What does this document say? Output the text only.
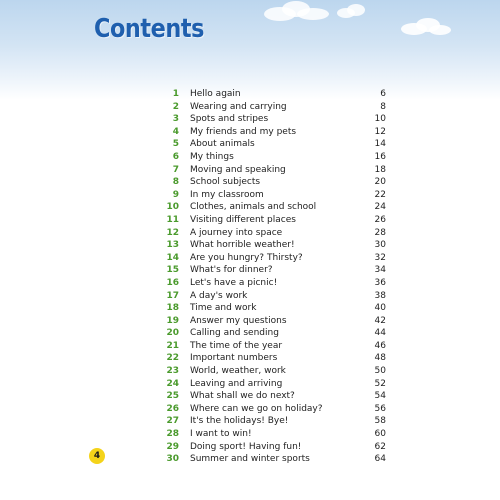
Contents
1 Hello again	6
2 Wearing and carrying	8
3 Spots and stripes	10
4 My friends and my pets	12
5 About animals	14
6 My things	16
7 Moving and speaking	18
8 School subjects	20
9 In my classroom	22
10 Clothes, animals and school	24
11 Visiting different places	26
12 A journey into space	28
13 What horrible weather!	30
14 Are you hungry? Thirsty?	32
15 What's for dinner?	34
16 Let's have a picnic!	36
17 A day's work	38
18 Time and work	40
19 Answer my questions	42
20 Calling and sending	44
21 The time of the year	46
22 Important numbers	48
23 World, weather, work	50
24 Leaving and arriving	52
25 What shall we do next?	54
26 Where can we go on holiday?	56
27 It's the holidays! Bye!	58
28 I want to win!	60
29 Doing sport! Having fun!	62
30 Summer and winter sports	64
4
